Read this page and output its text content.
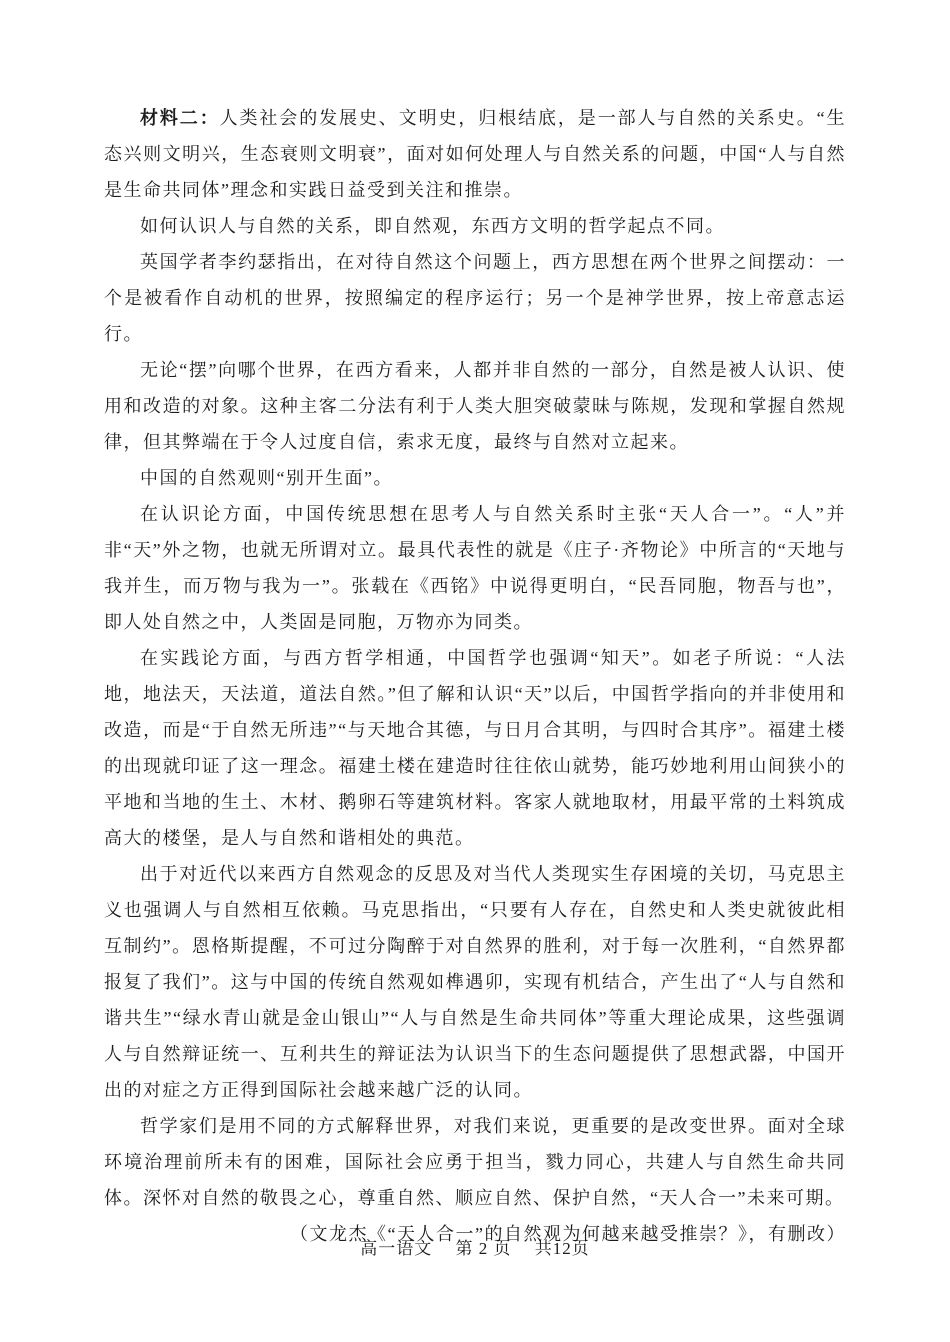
材料二：人类社会的发展史、文明史，归根结底，是一部人与自然的关系史。“生态兴则文明兴，生态衰则文明衰”，面对如何处理人与自然关系的问题，中国“人与自然是生命共同体”理念和实践日益受到关注和推崇。

如何认识人与自然的关系，即自然观，东西方文明的哲学起点不同。

英国学者李约瑟指出，在对待自然这个问题上，西方思想在两个世界之间摆动：一个是被看作自动机的世界，按照编定的程序运行；另一个是神学世界，按上帝意志运行。

无论“摆”向哪个世界，在西方看来，人都并非自然的一部分，自然是被人认识、使用和改造的对象。这种主客二分法有利于人类大胆突破蒙昧与陈规，发现和掌握自然规律，但其弊端在于令人过度自信，索求无度，最终与自然对立起来。

中国的自然观则“别开生面”。

在认识论方面，中国传统思想在思考人与自然关系时主张“天人合一”。“人”并非“天”外之物，也就无所谓对立。最具代表性的就是《庄子·齐物论》中所言的“天地与我并生，而万物与我为一”。张载在《西铭》中说得更明白，“民吾同胞，物吾与也”，即人处自然之中，人类固是同胞，万物亦为同类。

在实践论方面，与西方哲学相通，中国哲学也强调“知天”。如老子所说：“人法地，地法天，天法道，道法自然。”但了解和认识“天”以后，中国哲学指向的并非使用和改造，而是“于自然无所违”“与天地合其德，与日月合其明，与四时合其序”。福建土楼的出现就印证了这一理念。福建土楼在建造时往往依山就势，能巧妙地利用山间狭小的平地和当地的生土、木材、鹅卵石等建筑材料。客家人就地取材，用最平常的土料筑成高大的楼堡，是人与自然和谐相处的典范。

出于对近代以来西方自然观念的反思及对当代人类现实生存困境的关切，马克思主义也强调人与自然相互依赖。马克思指出，“只要有人存在，自然史和人类史就彼此相互制约”。恩格斯提醒，不可过分陶醉于对自然界的胜利，对于每一次胜利，“自然界都报复了我们”。这与中国的传统自然观如榫遇卯，实现有机结合，产生出了“人与自然和谐共生”“绿水青山就是金山银山”“人与自然是生命共同体”等重大理论成果，这些强调人与自然辩证统一、互利共生的辩证法为认识当下的生态问题提供了思想武器，中国开出的对症之方正得到国际社会越来越广泛的认同。

哲学家们是用不同的方式解释世界，对我们来说，更重要的是改变世界。面对全球环境治理前所未有的困难，国际社会应勇于担当，戮力同心，共建人与自然生命共同体。深怀对自然的敬畏之心，尊重自然、顺应自然、保护自然，“天人合一”未来可期。

（文龙杰《“天人合一”的自然观为何越来越受推崇？》，有删改）

高一语文 第 2 页 共12页
